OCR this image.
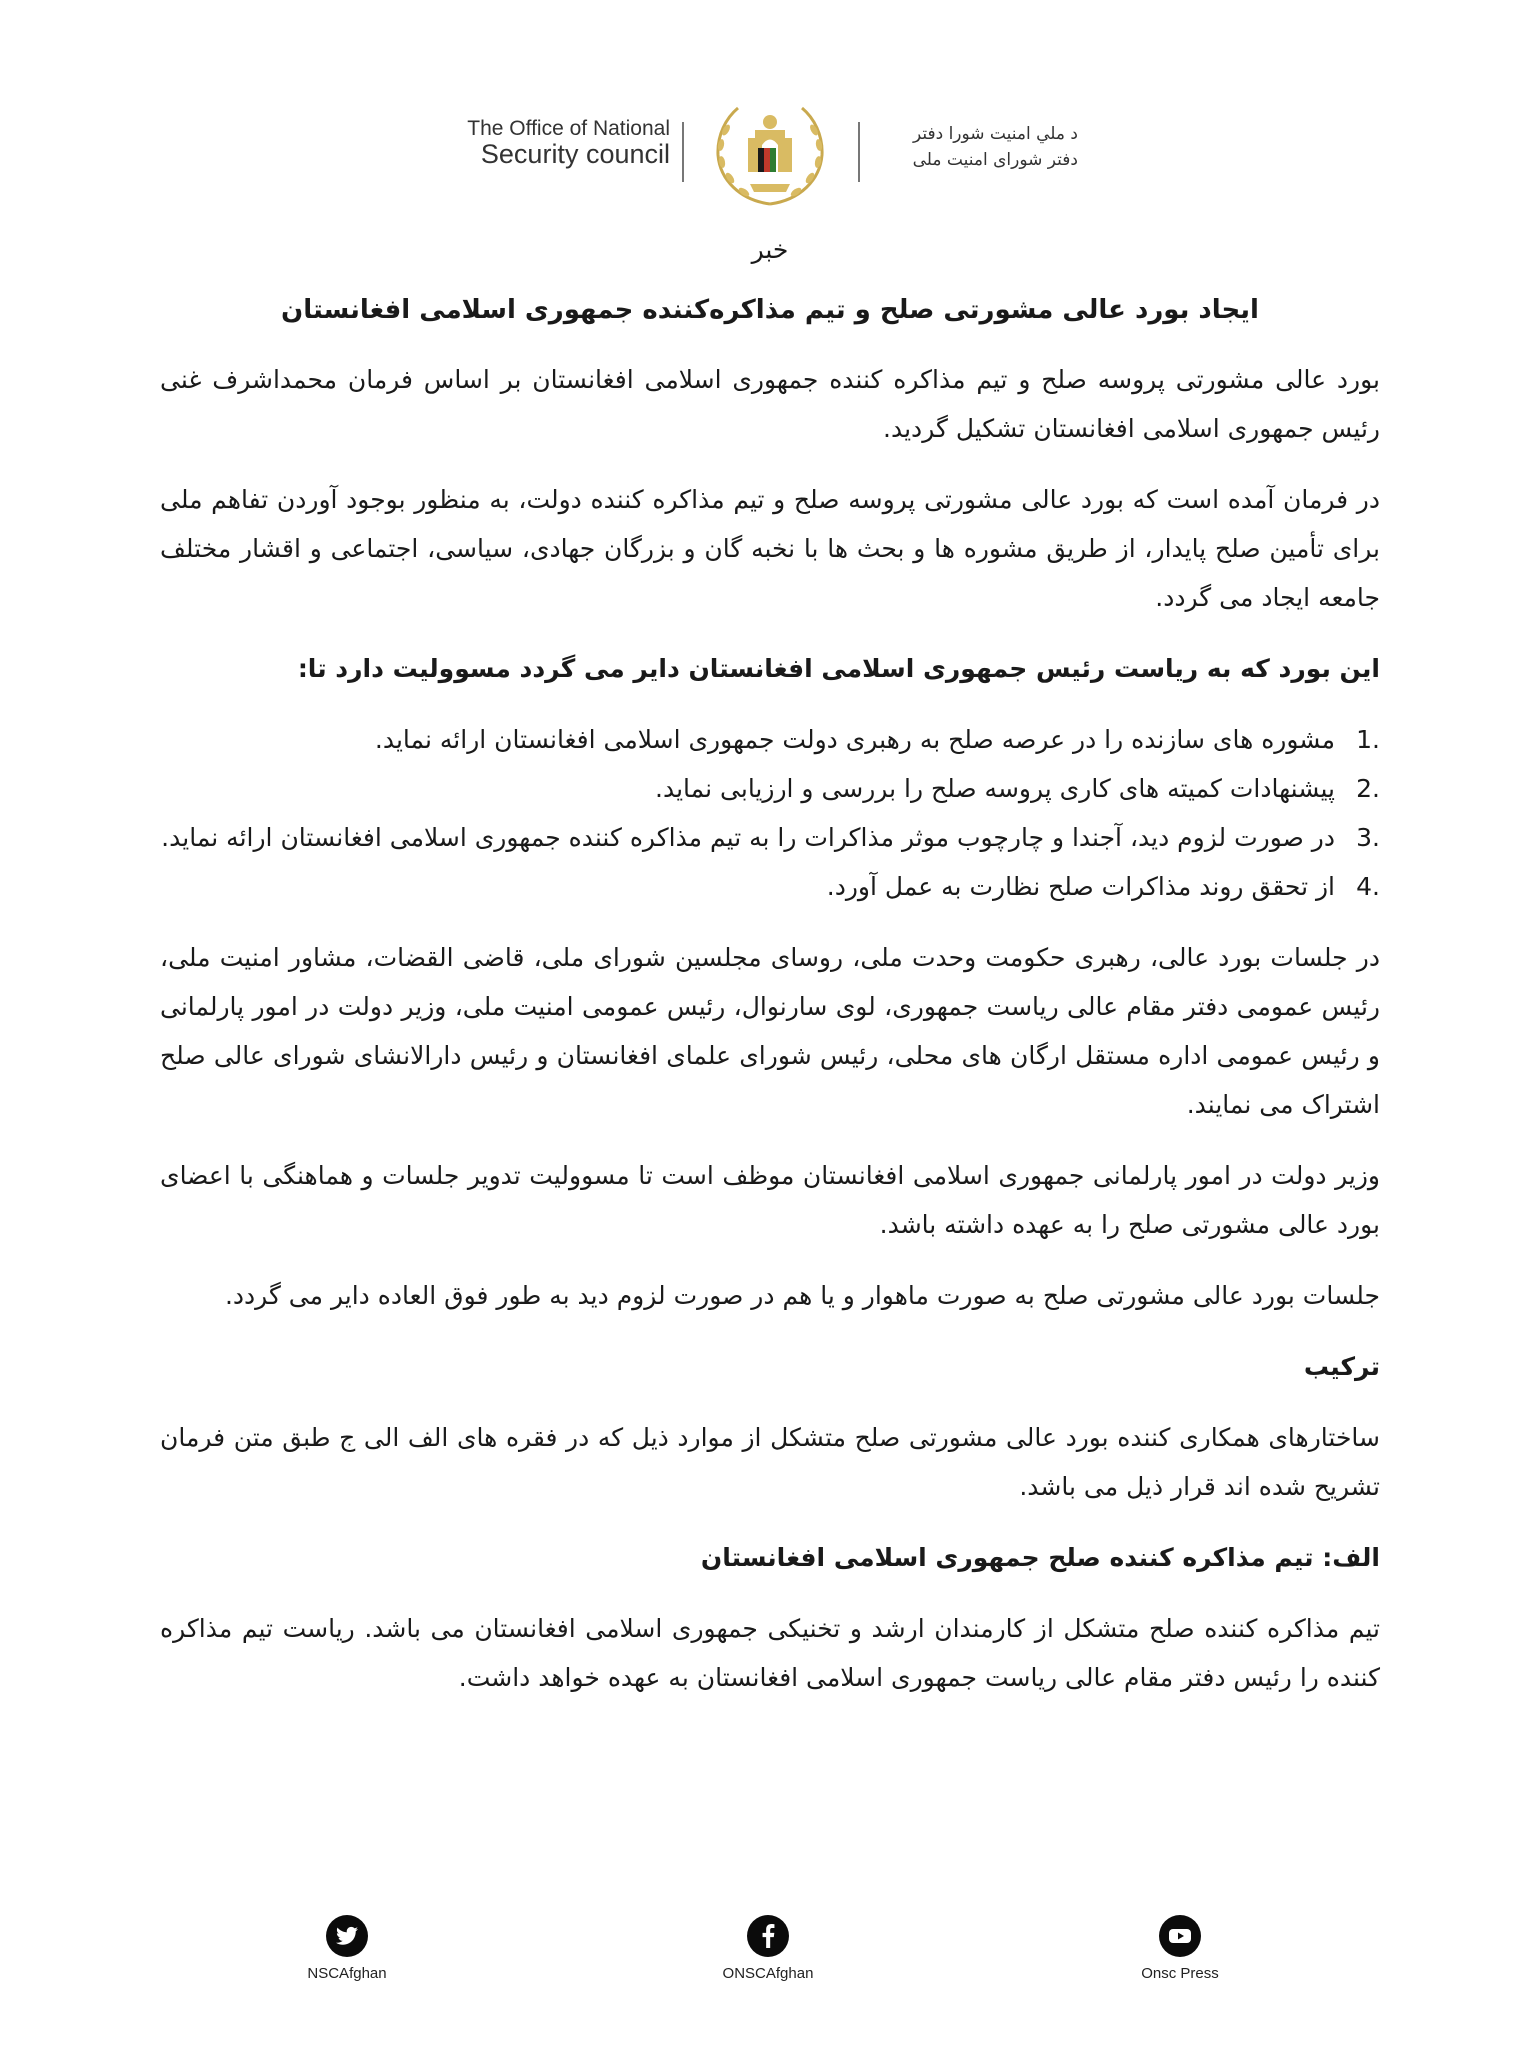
The Office of National
Security council
د ملي امنیت شورا دفتر
دفتر شورای امنیت ملی
خبر
ایجاد بورد عالی مشورتی صلح و تیم مذاکره‌کننده جمهوری اسلامی افغانستان

بورد عالی مشورتی پروسه صلح و تیم مذاکره کننده جمهوری اسلامی افغانستان بر اساس فرمان محمداشرف غنی رئیس جمهوری اسلامی افغانستان تشکیل گردید.

در فرمان آمده است که بورد عالی مشورتی پروسه صلح و تیم مذاکره کننده دولت، به منظور بوجود آوردن تفاهم ملی برای تأمین صلح پایدار، از طریق مشوره ها و بحث ها با نخبه گان و بزرگان جهادی، سیاسی، اجتماعی و اقشار مختلف جامعه ایجاد می گردد.

این بورد که به ریاست رئیس جمهوری اسلامی افغانستان دایر می گردد مسوولیت دارد تا:
1.
مشوره های سازنده را در عرصه صلح به رهبری دولت جمهوری اسلامی افغانستان ارائه نماید.
2.
پیشنهادات کمیته های کاری پروسه صلح را بررسی و ارزیابی نماید.
3.
در صورت لزوم دید، آجندا و چارچوب موثر مذاکرات را به تیم مذاکره کننده جمهوری اسلامی افغانستان ارائه نماید.
4.
از تحقق روند مذاکرات صلح نظارت به عمل آورد.

در جلسات بورد عالی، رهبری حکومت وحدت ملی، روسای مجلسین شورای ملی، قاضی القضات، مشاور امنیت ملی، رئیس عمومی دفتر مقام عالی ریاست جمهوری، لوی سارنوال، رئیس عمومی امنیت ملی، وزیر دولت در امور پارلمانی و رئیس عمومی اداره مستقل ارگان های محلی، رئیس شورای علمای افغانستان و رئیس دارالانشای شورای عالی صلح اشتراک می نمایند.

وزیر دولت در امور پارلمانی جمهوری اسلامی افغانستان موظف است تا مسوولیت تدویر جلسات و هماهنگی با اعضای بورد عالی مشورتی صلح را به عهده داشته باشد.

جلسات بورد عالی مشورتی صلح به صورت ماهوار و یا هم در صورت لزوم دید به طور فوق العاده دایر می گردد.

ترکیب

ساختارهای همکاری کننده بورد عالی مشورتی صلح متشکل از موارد ذیل که در فقره های الف الی ج طبق متن فرمان تشریح شده اند قرار ذیل می باشد.

الف: تیم مذاکره کننده صلح جمهوری اسلامی افغانستان

تیم مذاکره کننده صلح متشکل از کارمندان ارشد و تخنیکی جمهوری اسلامی افغانستان می باشد. ریاست تیم مذاکره کننده را رئیس دفتر مقام عالی ریاست جمهوری اسلامی افغانستان به عهده خواهد داشت.

NSCAfghan	ONSCAfghan	Onsc Press
